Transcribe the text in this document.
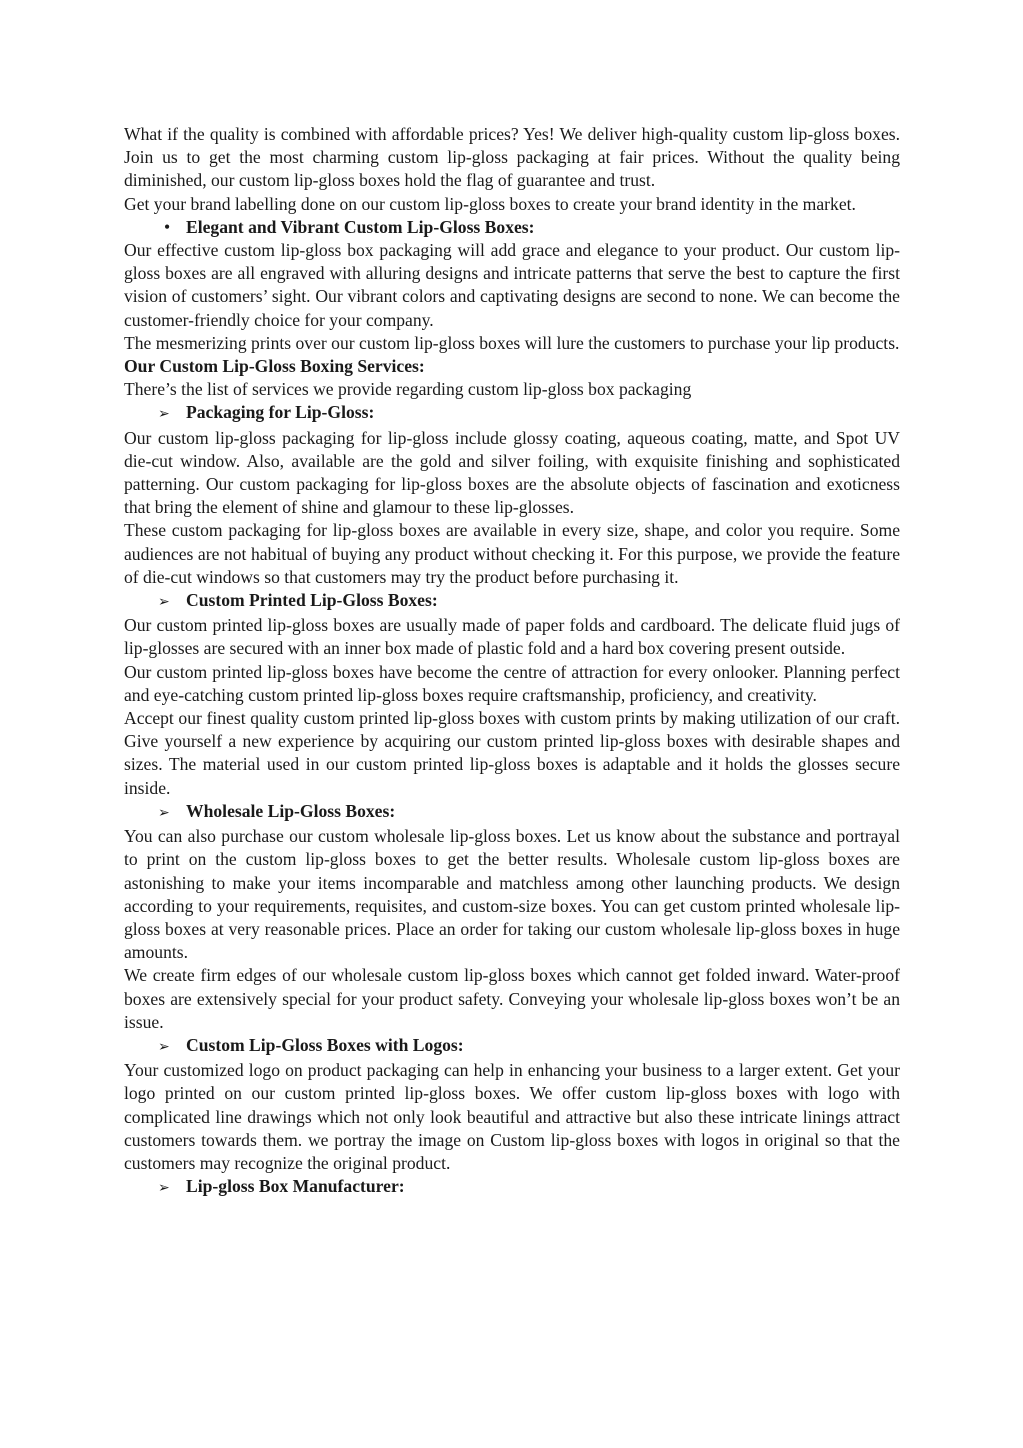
What if the quality is combined with affordable prices? Yes! We deliver high-quality custom lip-gloss boxes. Join us to get the most charming custom lip-gloss packaging at fair prices. Without the quality being diminished, our custom lip-gloss boxes hold the flag of guarantee and trust.

Get your brand labelling done on our custom lip-gloss boxes to create your brand identity in the market.

• Elegant and Vibrant Custom Lip-Gloss Boxes:

Our effective custom lip-gloss box packaging will add grace and elegance to your product. Our custom lip-gloss boxes are all engraved with alluring designs and intricate patterns that serve the best to capture the first vision of customers’ sight. Our vibrant colors and captivating designs are second to none. We can become the customer-friendly choice for your company.

The mesmerizing prints over our custom lip-gloss boxes will lure the customers to purchase your lip products.

Our Custom Lip-Gloss Boxing Services:

There’s the list of services we provide regarding custom lip-gloss box packaging

➢ Packaging for Lip-Gloss:

Our custom lip-gloss packaging for lip-gloss include glossy coating, aqueous coating, matte, and Spot UV die-cut window. Also, available are the gold and silver foiling, with exquisite finishing and sophisticated patterning. Our custom packaging for lip-gloss boxes are the absolute objects of fascination and exoticness that bring the element of shine and glamour to these lip-glosses.

These custom packaging for lip-gloss boxes are available in every size, shape, and color you require. Some audiences are not habitual of buying any product without checking it. For this purpose, we provide the feature of die-cut windows so that customers may try the product before purchasing it.

➢ Custom Printed Lip-Gloss Boxes:

Our custom printed lip-gloss boxes are usually made of paper folds and cardboard. The delicate fluid jugs of lip-glosses are secured with an inner box made of plastic fold and a hard box covering present outside.

Our custom printed lip-gloss boxes have become the centre of attraction for every onlooker. Planning perfect and eye-catching custom printed lip-gloss boxes require craftsmanship, proficiency, and creativity.

Accept our finest quality custom printed lip-gloss boxes with custom prints by making utilization of our craft. Give yourself a new experience by acquiring our custom printed lip-gloss boxes with desirable shapes and sizes. The material used in our custom printed lip-gloss boxes is adaptable and it holds the glosses secure inside.

➢ Wholesale Lip-Gloss Boxes:

You can also purchase our custom wholesale lip-gloss boxes. Let us know about the substance and portrayal to print on the custom lip-gloss boxes to get the better results. Wholesale custom lip-gloss boxes are astonishing to make your items incomparable and matchless among other launching products. We design according to your requirements, requisites, and custom-size boxes. You can get custom printed wholesale lip-gloss boxes at very reasonable prices. Place an order for taking our custom wholesale lip-gloss boxes in huge amounts.

We create firm edges of our wholesale custom lip-gloss boxes which cannot get folded inward. Water-proof boxes are extensively special for your product safety. Conveying your wholesale lip-gloss boxes won’t be an issue.

➢ Custom Lip-Gloss Boxes with Logos:

Your customized logo on product packaging can help in enhancing your business to a larger extent. Get your logo printed on our custom printed lip-gloss boxes. We offer custom lip-gloss boxes with logo with complicated line drawings which not only look beautiful and attractive but also these intricate linings attract customers towards them. we portray the image on Custom lip-gloss boxes with logos in original so that the customers may recognize the original product.

➢ Lip-gloss Box Manufacturer:
